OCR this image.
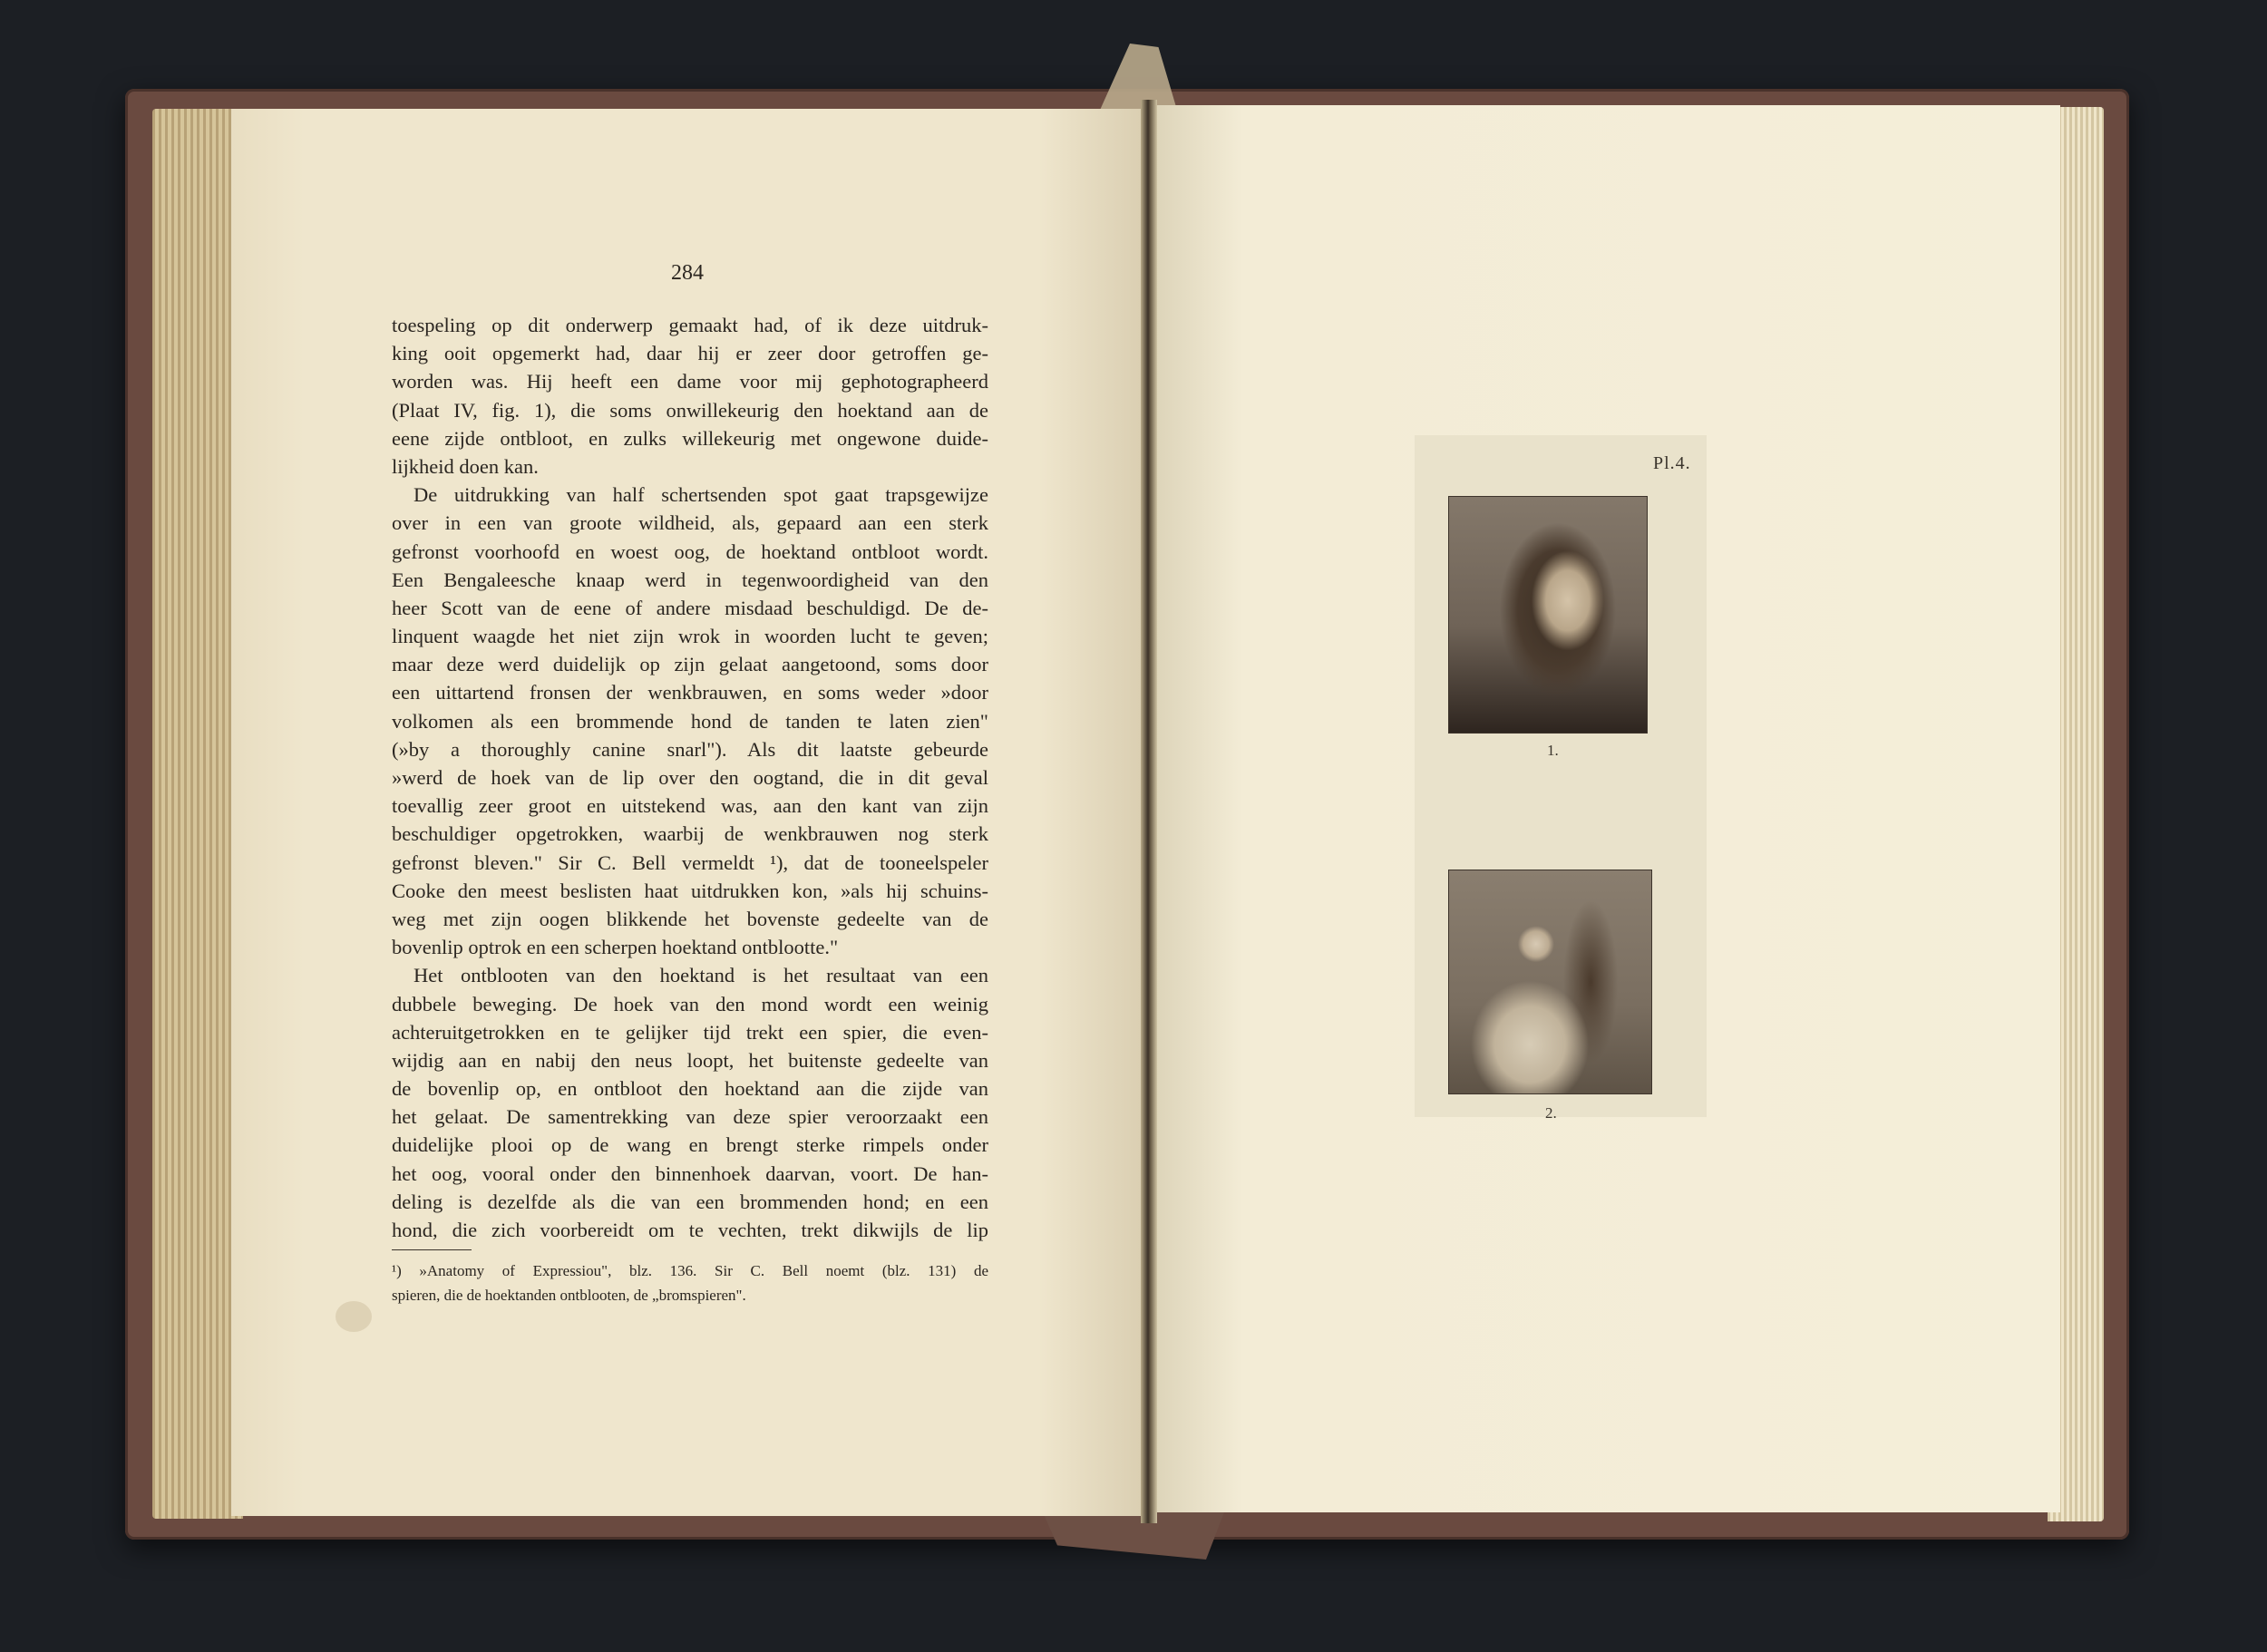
284
toespeling op dit onderwerp gemaakt had, of ik deze uitdruk-
king ooit opgemerkt had, daar hij er zeer door getroffen ge-
worden was. Hij heeft een dame voor mij gephotographeerd
(Plaat IV, fig. 1), die soms onwillekeurig den hoektand aan de
eene zijde ontbloot, en zulks willekeurig met ongewone duide-
lijkheid doen kan.
De uitdrukking van half schertsenden spot gaat trapsgewijze
over in een van groote wildheid, als, gepaard aan een sterk
gefronst voorhoofd en woest oog, de hoektand ontbloot wordt.
Een Bengaleesche knaap werd in tegenwoordigheid van den
heer Scott van de eene of andere misdaad beschuldigd. De de-
linquent waagde het niet zijn wrok in woorden lucht te geven;
maar deze werd duidelijk op zijn gelaat aangetoond, soms door
een uittartend fronsen der wenkbrauwen, en soms weder »door
volkomen als een brommende hond de tanden te laten zien"
(»by a thoroughly canine snarl"). Als dit laatste gebeurde
»werd de hoek van de lip over den oogtand, die in dit geval
toevallig zeer groot en uitstekend was, aan den kant van zijn
beschuldiger opgetrokken, waarbij de wenkbrauwen nog sterk
gefronst bleven." Sir C. Bell vermeldt ¹), dat de tooneelspeler
Cooke den meest beslisten haat uitdrukken kon, »als hij schuins-
weg met zijn oogen blikkende het bovenste gedeelte van de
bovenlip optrok en een scherpen hoektand ontblootte."
Het ontblooten van den hoektand is het resultaat van een
dubbele beweging. De hoek van den mond wordt een weinig
achteruitgetrokken en te gelijker tijd trekt een spier, die even-
wijdig aan en nabij den neus loopt, het buitenste gedeelte van
de bovenlip op, en ontbloot den hoektand aan die zijde van
het gelaat. De samentrekking van deze spier veroorzaakt een
duidelijke plooi op de wang en brengt sterke rimpels onder
het oog, vooral onder den binnenhoek daarvan, voort. De han-
deling is dezelfde als die van een brommenden hond; en een
hond, die zich voorbereidt om te vechten, trekt dikwijls de lip
¹) »Anatomy of Expressiou", blz. 136. Sir C. Bell noemt (blz. 131) de
spieren, die de hoektanden ontblooten, de „bromspieren".
Pl.4.
1.
2.
